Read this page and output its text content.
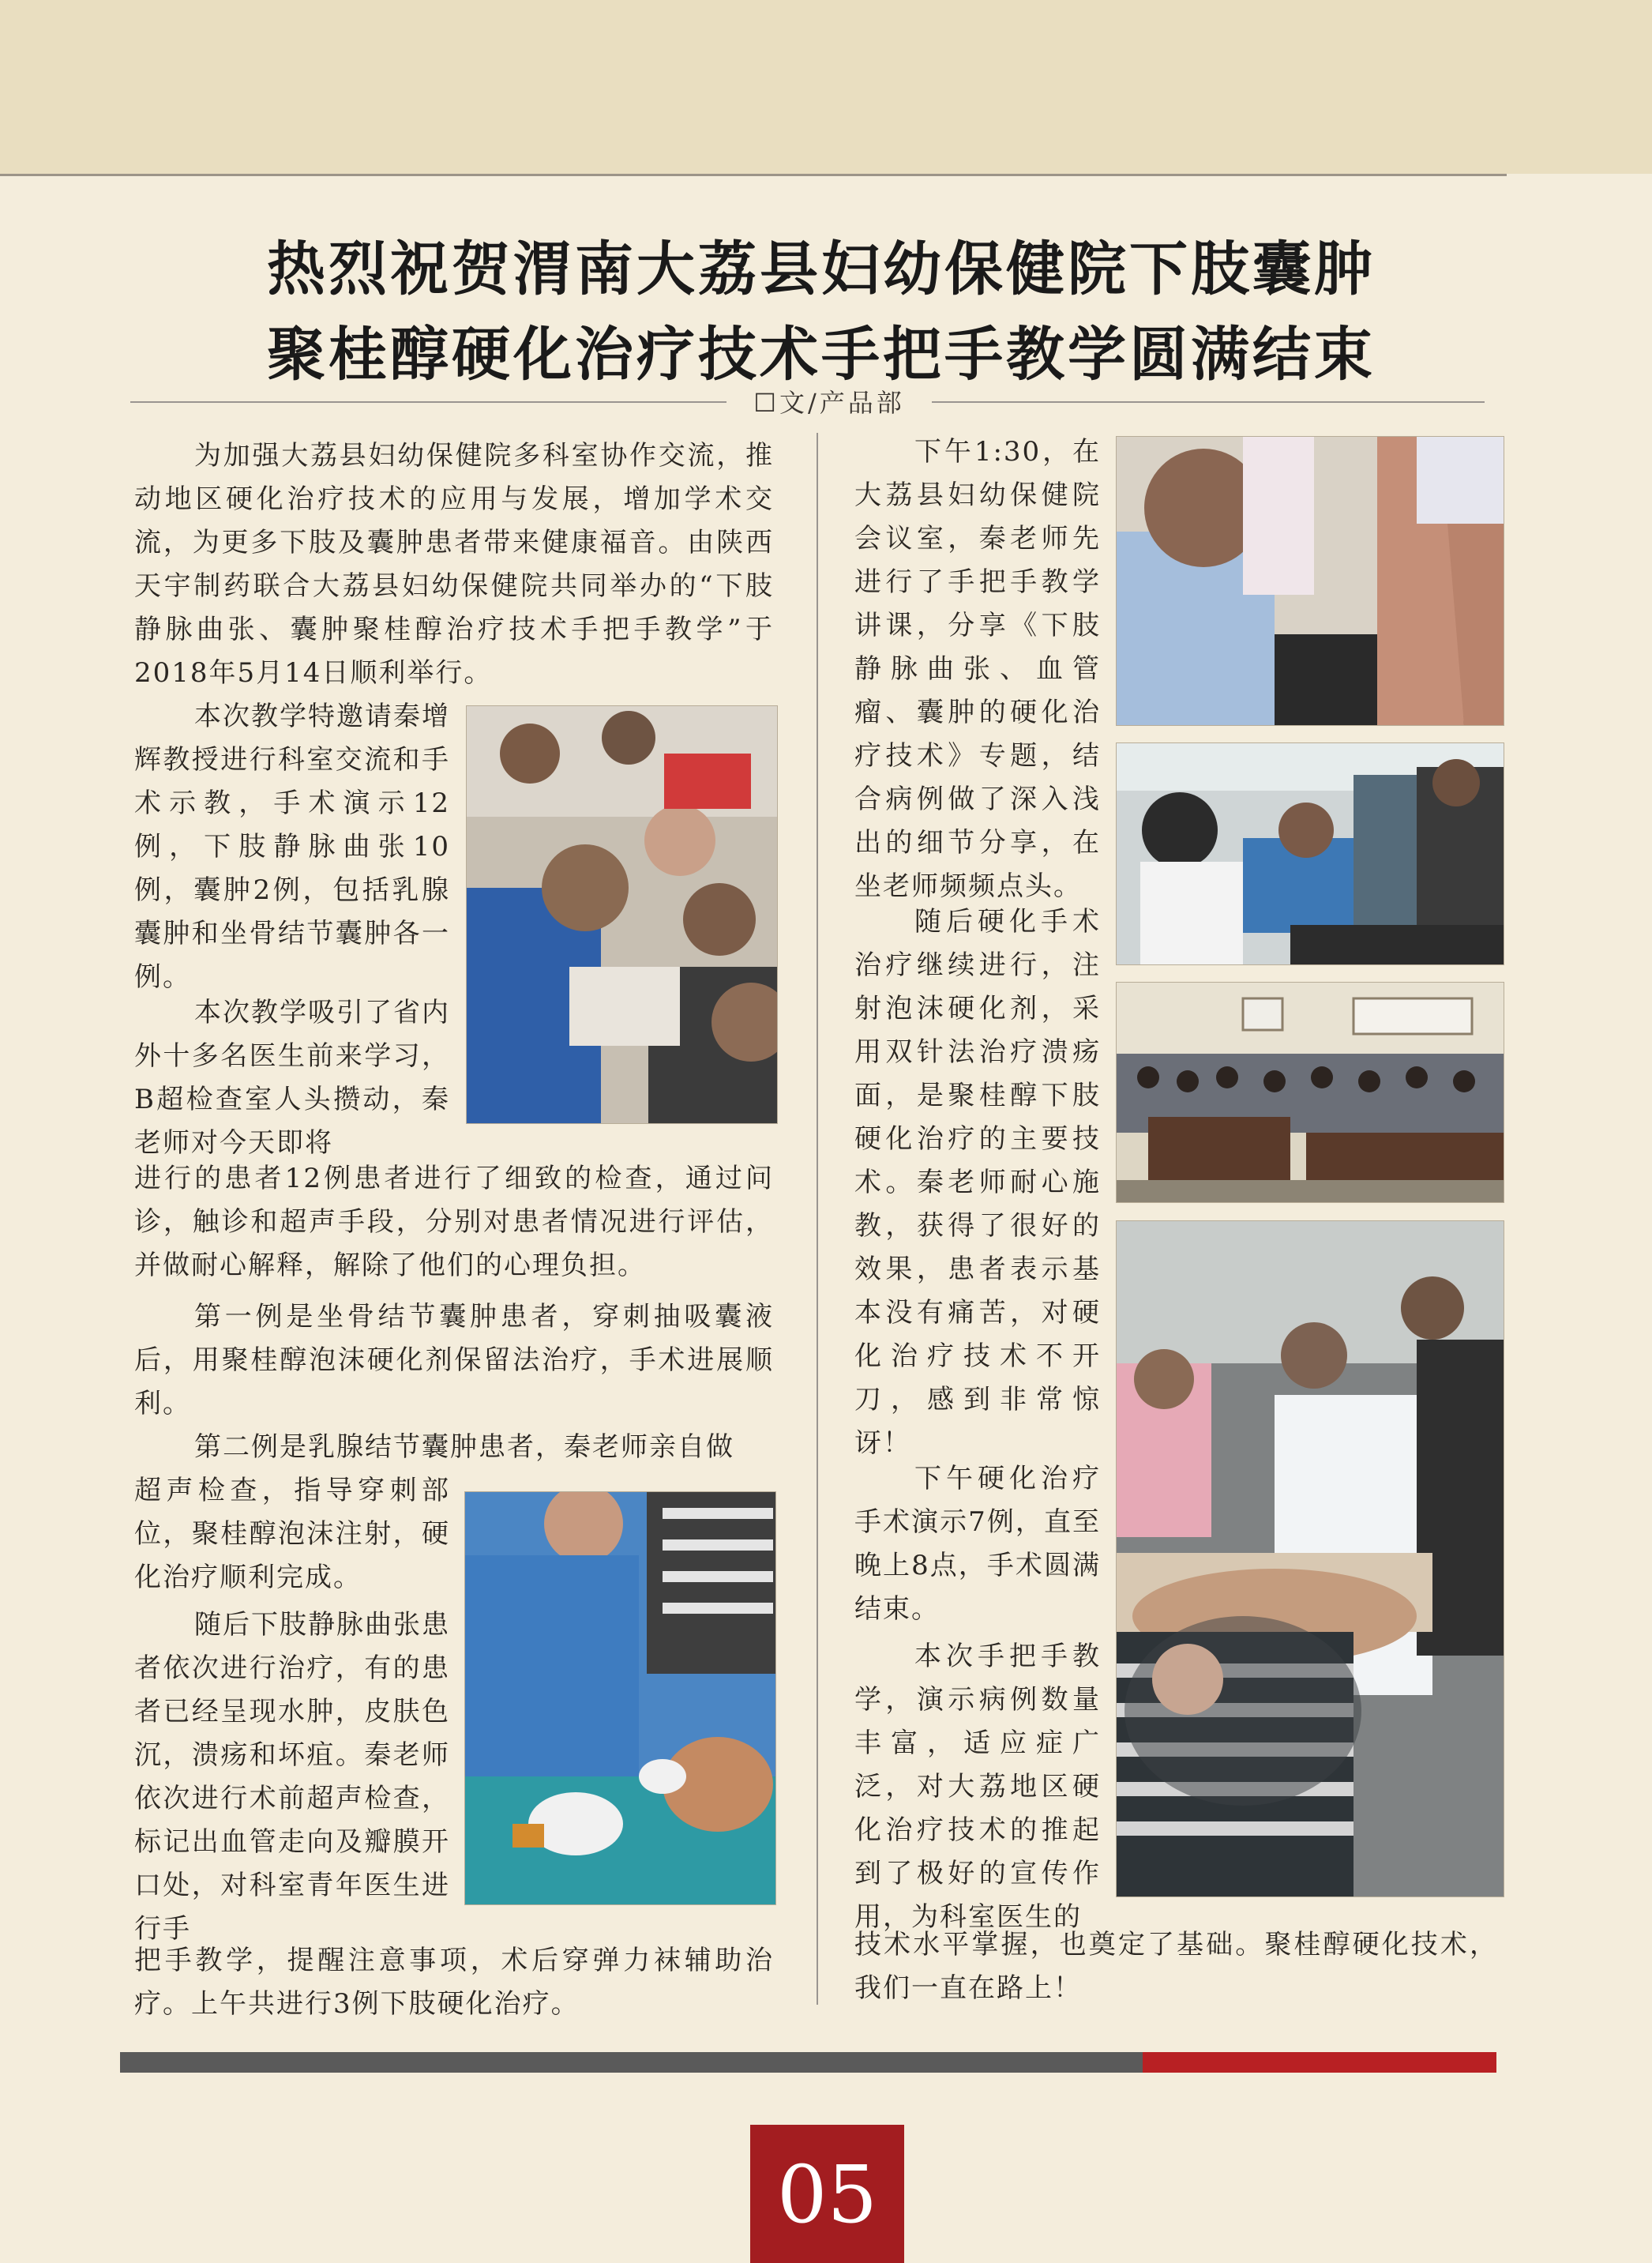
热烈祝贺渭南大荔县妇幼保健院下肢囊肿
聚桂醇硬化治疗技术手把手教学圆满结束
☐文/产品部

为加强大荔县妇幼保健院多科室协作交流，推动地区硬化治疗技术的应用与发展，增加学术交流，为更多下肢及囊肿患者带来健康福音。由陕西天宇制药联合大荔县妇幼保健院共同举办的“下肢静脉曲张、囊肿聚桂醇治疗技术手把手教学”于2018年5月14日顺利举行。

本次教学特邀请秦增辉教授进行科室交流和手术示教，手术演示12例，下肢静脉曲张10例，囊肿2例，包括乳腺囊肿和坐骨结节囊肿各一例。

本次教学吸引了省内外十多名医生前来学习，B超检查室人头攒动，秦老师对今天即将

进行的患者12例患者进行了细致的检查，通过问诊，触诊和超声手段，分别对患者情况进行评估，并做耐心解释，解除了他们的心理负担。

第一例是坐骨结节囊肿患者，穿刺抽吸囊液后，用聚桂醇泡沫硬化剂保留法治疗，手术进展顺利。

第二例是乳腺结节囊肿患者，秦老师亲自做

超声检查，指导穿刺部位，聚桂醇泡沫注射，硬化治疗顺利完成。

随后下肢静脉曲张患者依次进行治疗，有的患者已经呈现水肿，皮肤色沉，溃疡和坏疽。秦老师依次进行术前超声检查，标记出血管走向及瓣膜开口处，对科室青年医生进行手

把手教学，提醒注意事项，术后穿弹力袜辅助治疗。上午共进行3例下肢硬化治疗。

下午1:30，在大荔县妇幼保健院会议室，秦老师先进行了手把手教学讲课，分享《下肢静脉曲张、血管瘤、囊肿的硬化治疗技术》专题，结合病例做了深入浅出的细节分享，在坐老师频频点头。

随后硬化手术治疗继续进行，注射泡沫硬化剂，采用双针法治疗溃疡面，是聚桂醇下肢硬化治疗的主要技术。秦老师耐心施教，获得了很好的效果，患者表示基本没有痛苦，对硬化治疗技术不开刀，感到非常惊讶！

下午硬化治疗手术演示7例，直至晚上8点，手术圆满结束。

本次手把手教学，演示病例数量丰富，适应症广泛，对大荔地区硬化治疗技术的推起到了极好的宣传作用，为科室医生的

技术水平掌握，也奠定了基础。聚桂醇硬化技术，我们一直在路上！

05
